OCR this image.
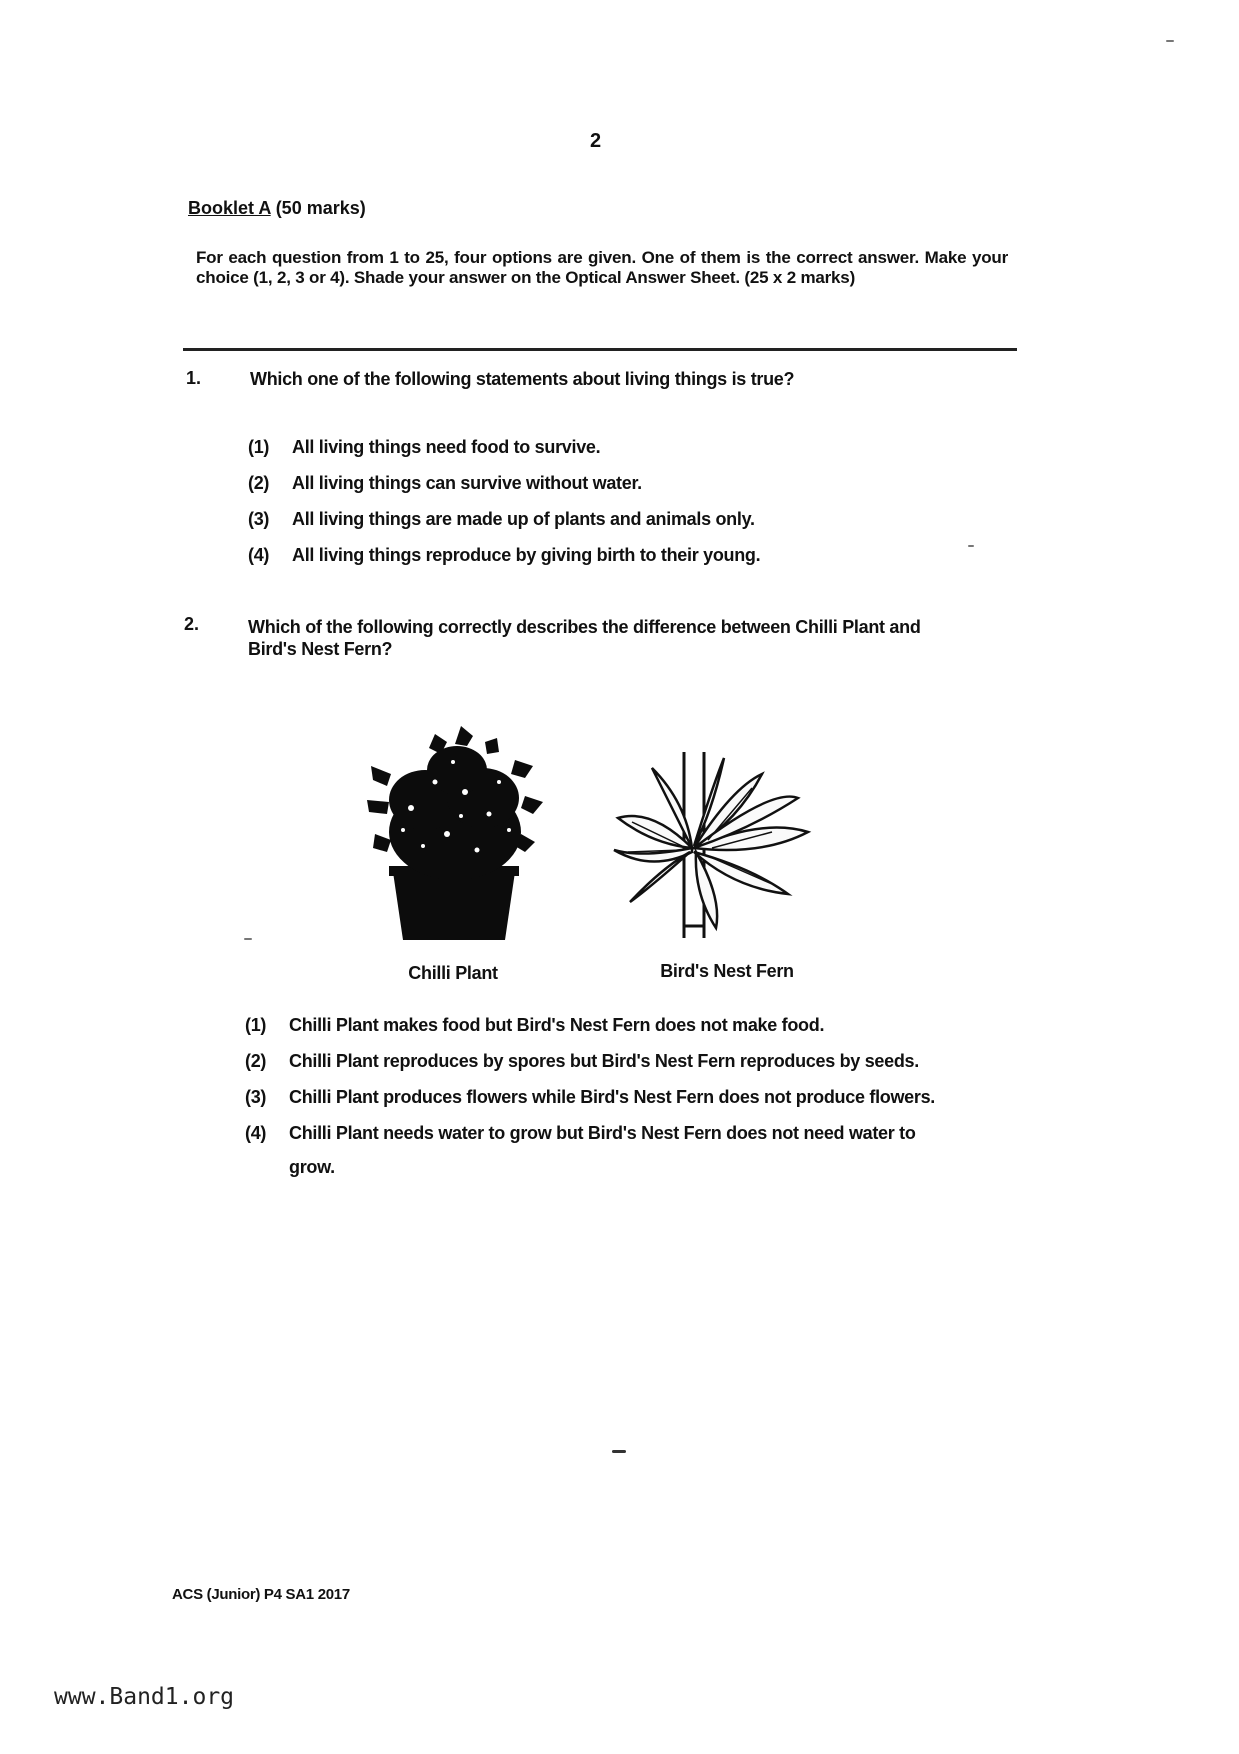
2
Booklet A (50 marks)
For each question from 1 to 25, four options are given. One of them is the correct answer. Make your choice (1, 2, 3 or 4). Shade your answer on the Optical Answer Sheet. (25 x 2 marks)
1.	Which one of the following statements about living things is true?
(1) All living things need food to survive.
(2) All living things can survive without water.
(3) All living things are made up of plants and animals only.
(4) All living things reproduce by giving birth to their young.
2.	Which of the following correctly describes the difference between Chilli Plant and
Bird's Nest Fern?
Chilli Plant	Bird's Nest Fern
(1) Chilli Plant makes food but Bird's Nest Fern does not make food.
(2) Chilli Plant reproduces by spores but Bird's Nest Fern reproduces by seeds.
(3) Chilli Plant produces flowers while Bird's Nest Fern does not produce flowers.
(4) Chilli Plant needs water to grow but Bird's Nest Fern does not need water to
grow.
ACS (Junior) P4 SA1 2017
www.Band1.org
